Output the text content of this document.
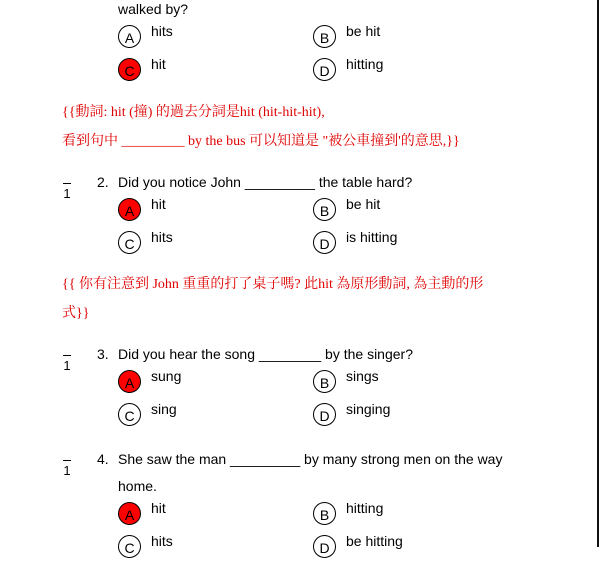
walked by?
A	hits	B	be hit
C	hit	D	hitting
{{動詞: hit (撞) 的過去分詞是hit (hit-hit-hit),
看到句中 _________ by the bus 可以知道是 "被公車撞到'的意思,}}
1
2. Did you notice John _________ the table hard?
A	hit	B	be hit
C	hits	D	is hitting
{{ 你有注意到 John 重重的打了桌子嗎? 此hit 為原形動詞, 為主動的形
式}}
1
3. Did you hear the song ________ by the singer?
A	sung	B	sings
C	sing	D	singing
1
4. She saw the man _________ by many strong men on the way
home.
A	hit	B	hitting
C	hits	D	be hitting
